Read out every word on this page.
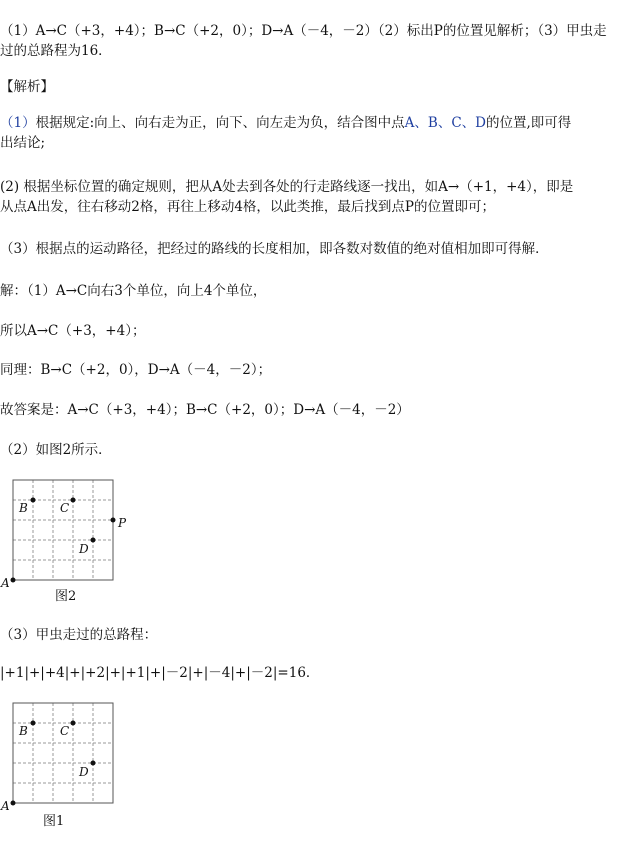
（1）A→C（+3，+4）；B→C（+2，0）；D→A（－4，－2）（2）标出P的位置见解析；（3）甲虫走
过的总路程为16．
【解析】
（1）根据规定:向上、向右走为正，向下、向左走为负，结合图中点A、B、C、D的位置,即可得
出结论;
(2) 根据坐标位置的确定规则，把从A处去到各处的行走路线逐一找出，如A→（+1，+4），即是
从点A出发，往右移动2格，再往上移动4格，以此类推，最后找到点P的位置即可；
（3）根据点的运动路径，把经过的路线的长度相加，即各数对数值的绝对值相加即可得解．
解：（1）A→C向右3个单位，向上4个单位，
所以A→C（+3，+4）；
同理：B→C（+2，0），D→A（－4，－2）；
故答案是：A→C（+3，+4）；B→C（+2，0）；D→A（－4，－2）
（2）如图2所示．
A
B	C
D
P
图2
（3）甲虫走过的总路程：
|+1|+|+4|+|+2|+|+1|+|－2|+|－4|+|－2|=16．
A
B	C
D
图1
